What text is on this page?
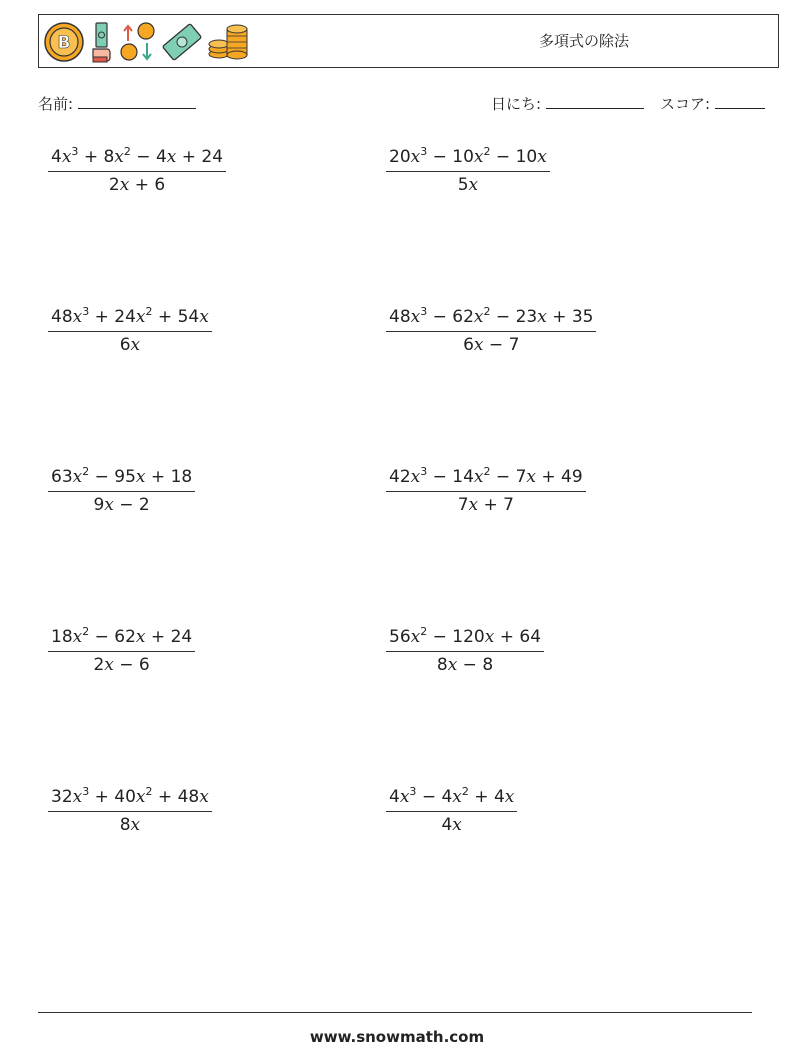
B	多項式の除法
名前:	日にち:	スコア:
$\frac{4x^3 + 8x^2 - 4x + 24}{2x + 6}$	$\frac{20x^3 - 10x^2 - 10x}{5x}$
$\frac{48x^3 + 24x^2 + 54x}{6x}$	$\frac{48x^3 - 62x^2 - 23x + 35}{6x - 7}$
$\frac{63x^2 - 95x + 18}{9x - 2}$	$\frac{42x^3 - 14x^2 - 7x + 49}{7x + 7}$
$\frac{18x^2 - 62x + 24}{2x - 6}$	$\frac{56x^2 - 120x + 64}{8x - 8}$
$\frac{32x^3 + 40x^2 + 48x}{8x}$	$\frac{4x^3 - 4x^2 + 4x}{4x}$
www.snowmath.com
